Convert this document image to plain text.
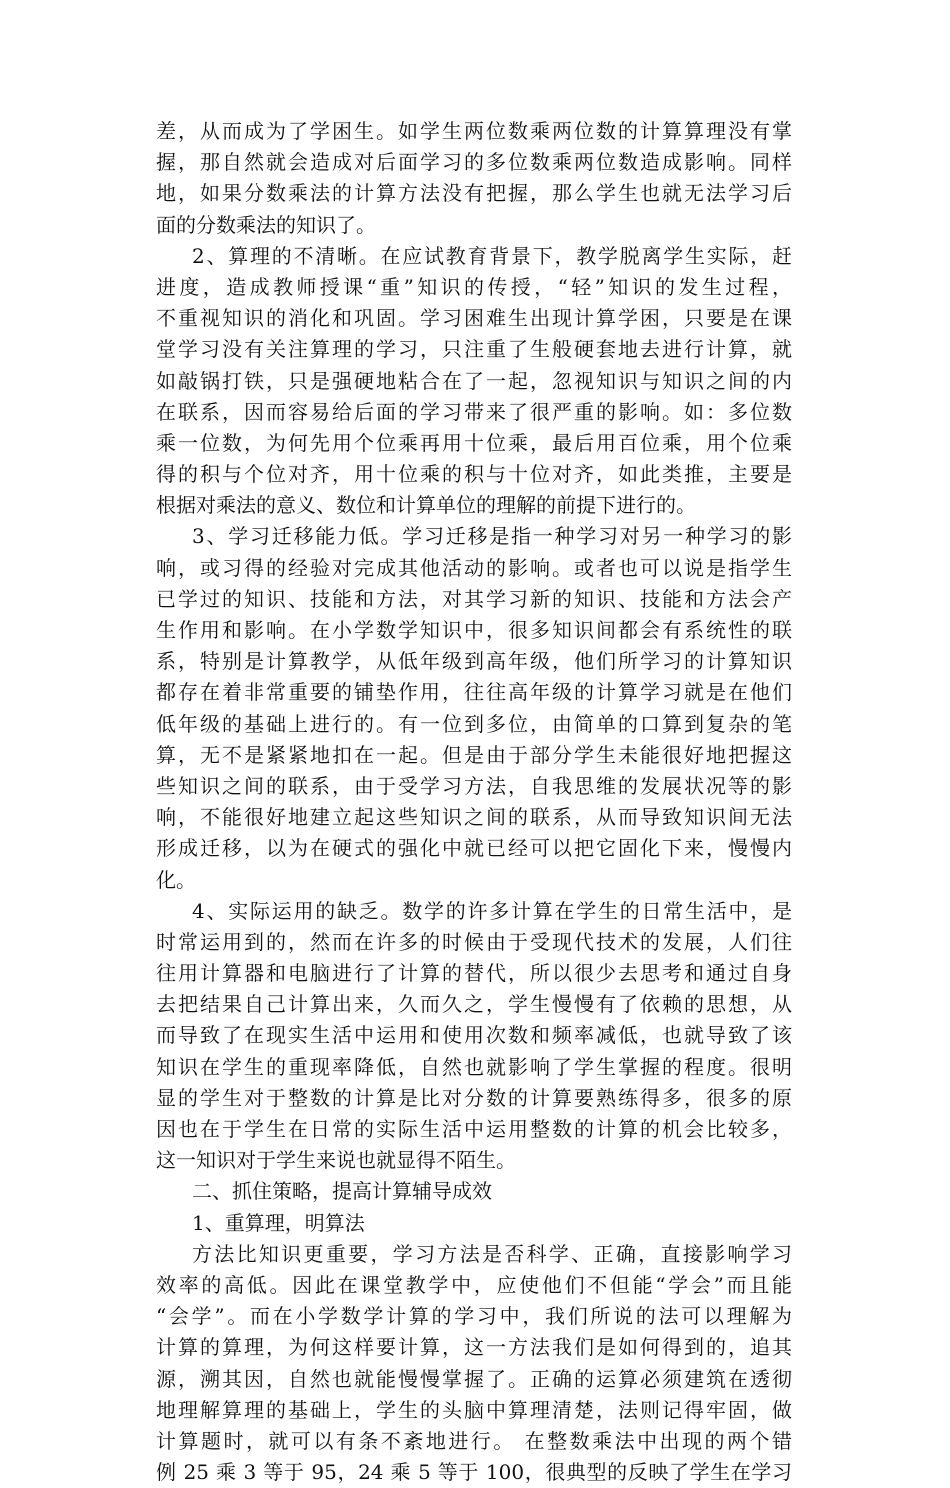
差，从而成为了学困生。如学生两位数乘两位数的计算算理没有掌
握，那自然就会造成对后面学习的多位数乘两位数造成影响。同样
地，如果分数乘法的计算方法没有把握，那么学生也就无法学习后
面的分数乘法的知识了。
2、算理的不清晰。在应试教育背景下，教学脱离学生实际，赶
进度，造成教师授课“重”知识的传授，“轻”知识的发生过程，
不重视知识的消化和巩固。学习困难生出现计算学困，只要是在课
堂学习没有关注算理的学习，只注重了生般硬套地去进行计算，就
如敲锅打铁，只是强硬地粘合在了一起，忽视知识与知识之间的内
在联系，因而容易给后面的学习带来了很严重的影响。如：多位数
乘一位数，为何先用个位乘再用十位乘，最后用百位乘，用个位乘
得的积与个位对齐，用十位乘的积与十位对齐，如此类推，主要是
根据对乘法的意义、数位和计算单位的理解的前提下进行的。
3、学习迁移能力低。学习迁移是指一种学习对另一种学习的影
响，或习得的经验对完成其他活动的影响。或者也可以说是指学生
已学过的知识、技能和方法，对其学习新的知识、技能和方法会产
生作用和影响。在小学数学知识中，很多知识间都会有系统性的联
系，特别是计算教学，从低年级到高年级，他们所学习的计算知识
都存在着非常重要的铺垫作用，往往高年级的计算学习就是在他们
低年级的基础上进行的。有一位到多位，由简单的口算到复杂的笔
算，无不是紧紧地扣在一起。但是由于部分学生未能很好地把握这
些知识之间的联系，由于受学习方法，自我思维的发展状况等的影
响，不能很好地建立起这些知识之间的联系，从而导致知识间无法
形成迁移，以为在硬式的强化中就已经可以把它固化下来，慢慢内
化。
4、实际运用的缺乏。数学的许多计算在学生的日常生活中，是
时常运用到的，然而在许多的时候由于受现代技术的发展，人们往
往用计算器和电脑进行了计算的替代，所以很少去思考和通过自身
去把结果自己计算出来，久而久之，学生慢慢有了依赖的思想，从
而导致了在现实生活中运用和使用次数和频率减低，也就导致了该
知识在学生的重现率降低，自然也就影响了学生掌握的程度。很明
显的学生对于整数的计算是比对分数的计算要熟练得多，很多的原
因也在于学生在日常的实际生活中运用整数的计算的机会比较多，
这一知识对于学生来说也就显得不陌生。
二、抓住策略，提高计算辅导成效
1、重算理，明算法
方法比知识更重要，学习方法是否科学、正确，直接影响学习
效率的高低。因此在课堂教学中，应使他们不但能“学会”而且能
“会学”。而在小学数学计算的学习中，我们所说的法可以理解为
计算的算理，为何这样要计算，这一方法我们是如何得到的，追其
源，溯其因，自然也就能慢慢掌握了。正确的运算必须建筑在透彻
地理解算理的基础上，学生的头脑中算理清楚，法则记得牢固，做
计算题时，就可以有条不紊地进行。 在整数乘法中出现的两个错
例 25 乘 3 等于 95，24 乘 5 等于 100，很典型的反映了学生在学习
